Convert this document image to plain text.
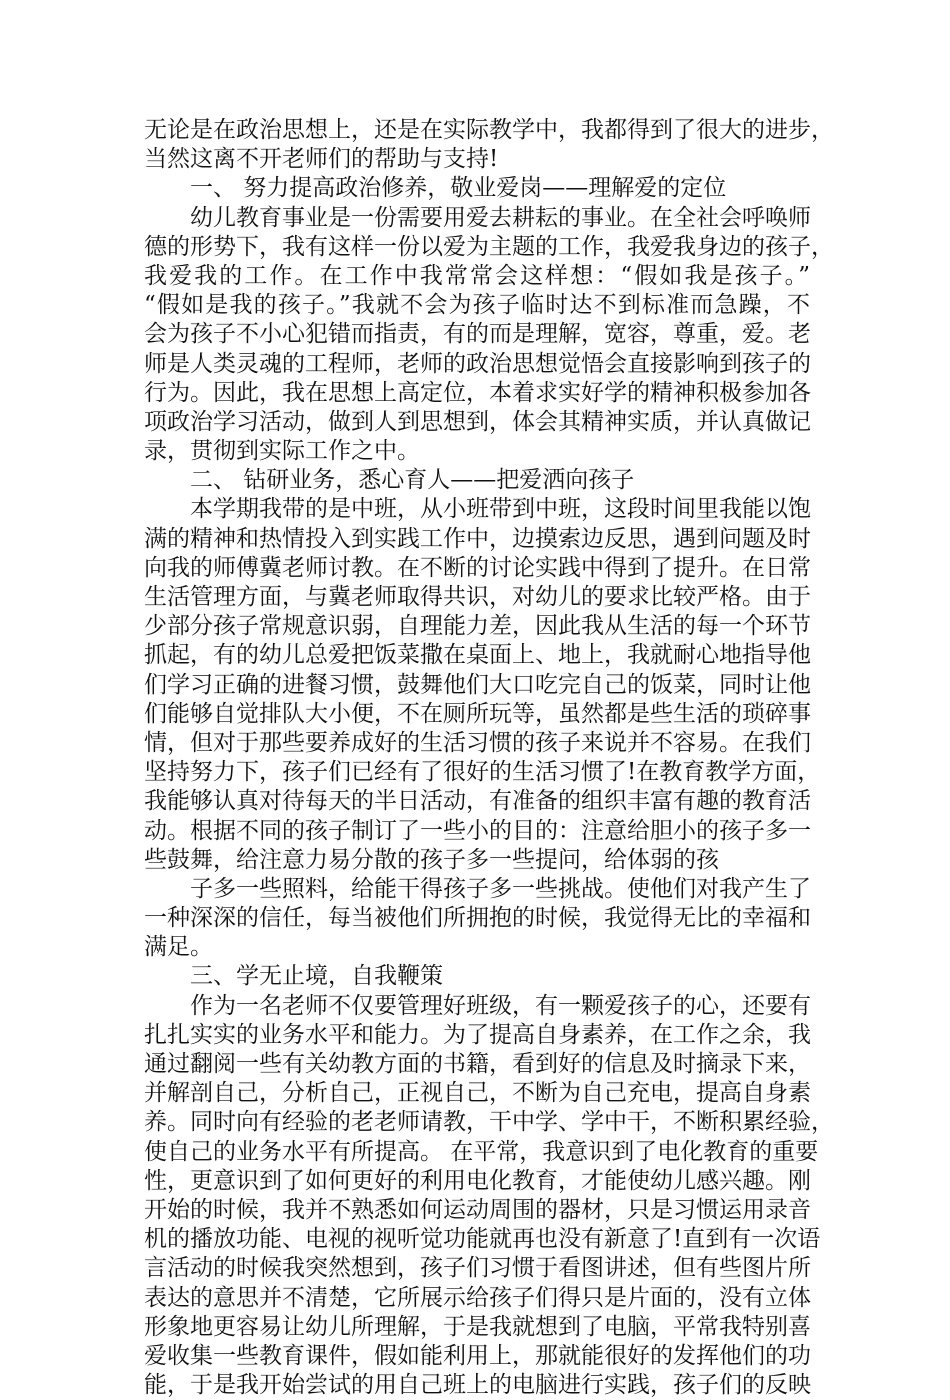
无论是在政治思想上，还是在实际教学中，我都得到了很大的进步，
当然这离不开老师们的帮助与支持!
一、 努力提高政治修养，敬业爱岗——理解爱的定位
幼儿教育事业是一份需要用爱去耕耘的事业。在全社会呼唤师
德的形势下，我有这样一份以爱为主题的工作，我爱我身边的孩子，
我爱我的工作。在工作中我常常会这样想：“假如我是孩子。”
“假如是我的孩子。”我就不会为孩子临时达不到标准而急躁，不
会为孩子不小心犯错而指责，有的而是理解，宽容，尊重，爱。老
师是人类灵魂的工程师，老师的政治思想觉悟会直接影响到孩子的
行为。因此，我在思想上高定位，本着求实好学的精神积极参加各
项政治学习活动，做到人到思想到，体会其精神实质，并认真做记
录，贯彻到实际工作之中。
二、 钻研业务，悉心育人——把爱洒向孩子
本学期我带的是中班，从小班带到中班，这段时间里我能以饱
满的精神和热情投入到实践工作中，边摸索边反思，遇到问题及时
向我的师傅冀老师讨教。在不断的讨论实践中得到了提升。在日常
生活管理方面，与冀老师取得共识，对幼儿的要求比较严格。由于
少部分孩子常规意识弱，自理能力差，因此我从生活的每一个环节
抓起，有的幼儿总爱把饭菜撒在桌面上、地上，我就耐心地指导他
们学习正确的进餐习惯，鼓舞他们大口吃完自己的饭菜，同时让他
们能够自觉排队大小便，不在厕所玩等，虽然都是些生活的琐碎事
情，但对于那些要养成好的生活习惯的孩子来说并不容易。在我们
坚持努力下，孩子们已经有了很好的生活习惯了!在教育教学方面，
我能够认真对待每天的半日活动，有准备的组织丰富有趣的教育活
动。根据不同的孩子制订了一些小的目的：注意给胆小的孩子多一
些鼓舞，给注意力易分散的孩子多一些提问，给体弱的孩
子多一些照料，给能干得孩子多一些挑战。使他们对我产生了
一种深深的信任，每当被他们所拥抱的时候，我觉得无比的幸福和
满足。
三、学无止境，自我鞭策
作为一名老师不仅要管理好班级，有一颗爱孩子的心，还要有
扎扎实实的业务水平和能力。为了提高自身素养，在工作之余，我
通过翻阅一些有关幼教方面的书籍，看到好的信息及时摘录下来，
并解剖自己，分析自己，正视自己，不断为自己充电，提高自身素
养。同时向有经验的老老师请教，干中学、学中干，不断积累经验，
使自己的业务水平有所提高。 在平常，我意识到了电化教育的重要
性，更意识到了如何更好的利用电化教育，才能使幼儿感兴趣。刚
开始的时候，我并不熟悉如何运动周围的器材，只是习惯运用录音
机的播放功能、电视的视听觉功能就再也没有新意了!直到有一次语
言活动的时候我突然想到，孩子们习惯于看图讲述，但有些图片所
表达的意思并不清楚，它所展示给孩子们得只是片面的，没有立体
形象地更容易让幼儿所理解，于是我就想到了电脑，平常我特别喜
爱收集一些教育课件，假如能利用上，那就能很好的发挥他们的功
能，于是我开始尝试的用自己班上的电脑进行实践，孩子们的反映
